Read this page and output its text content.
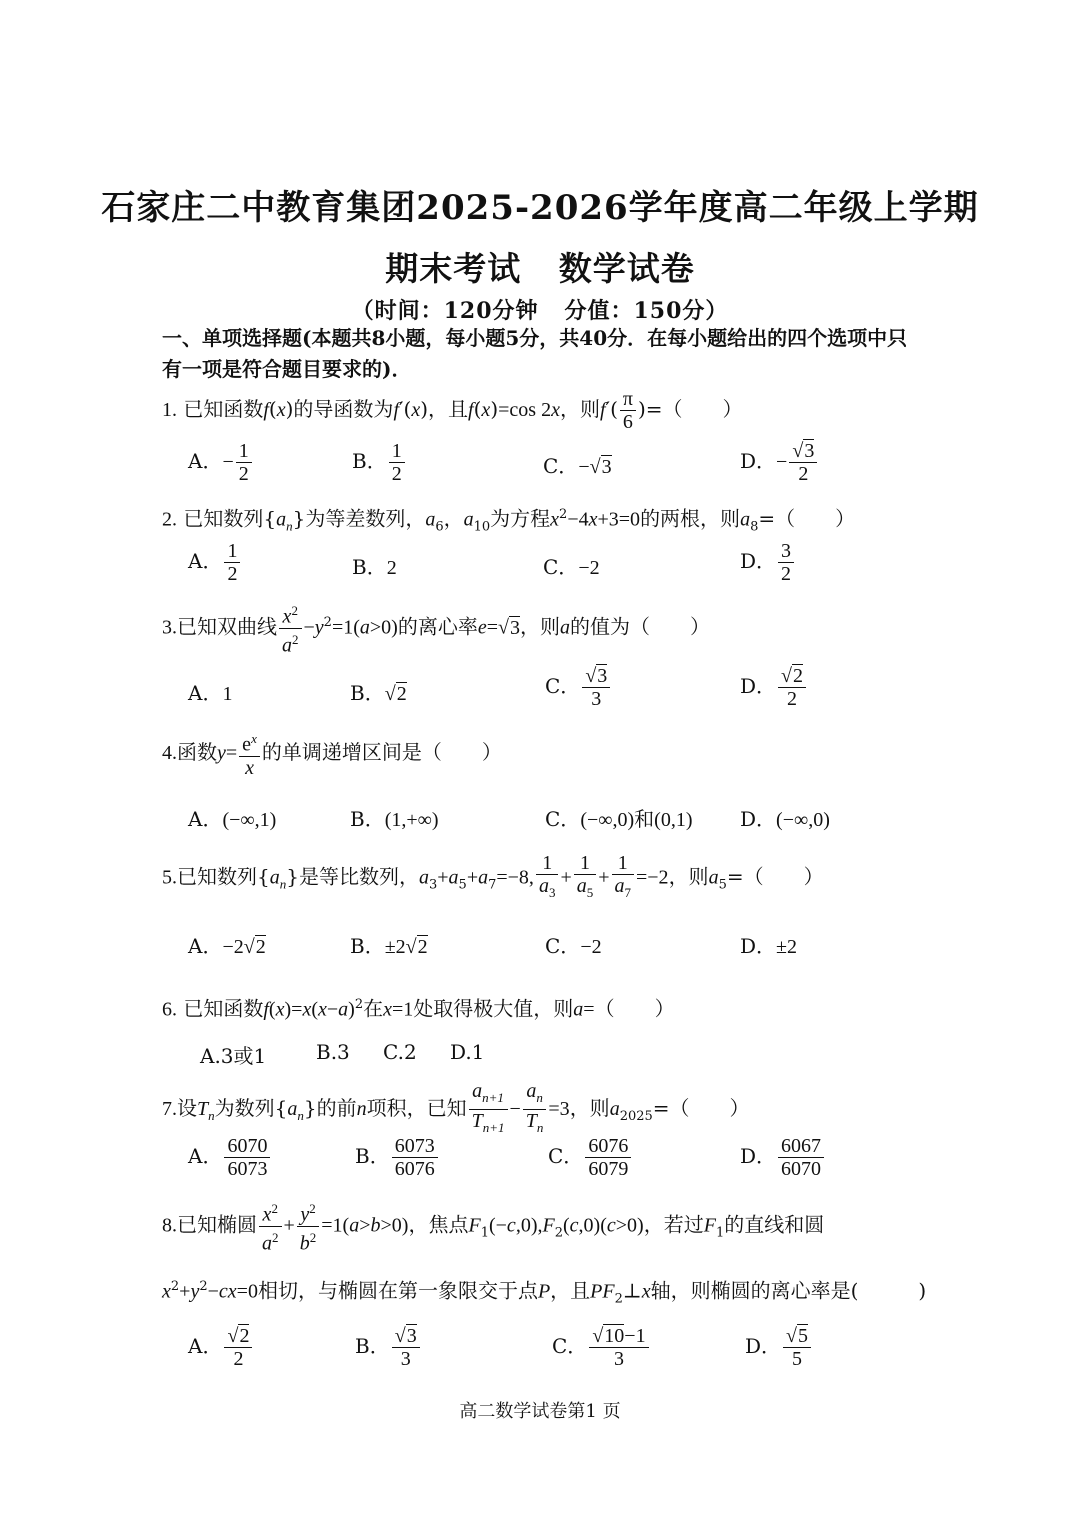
石家庄二中教育集团2025-2026学年度高二年级上学期
期末考试   数学试卷
（时间：120分钟   分值：150分）
一、单项选择题(本题共8小题，每小题5分，共40分．在每小题给出的四个选项中只有一项是符合题目要求的)．
1. 已知函数f(x)的导函数为f′(x)，且f(x)=cos 2x，则$f'( \frac{\pi}{6}$ )=（　　）
A．− $\frac{1}{2}$	B． $\frac{1}{2}$	C．−√3	D．− $\frac{√3}{2}$
2. 已知数列$\{a_n\}$为等差数列，$a_6$，$a_{10}$为方程$x^2-4x+3=0$的两根，则$a_8=$（　　）
A． $\frac{1}{2}$	B．2	C．−2	D． $\frac{3}{2}$
3.已知双曲线 $\frac{x^2}{a^2} -y^2=1(a>0)$的离心率e=√3，则a的值为（　　）
A．1	B．√2	C． $\frac{√3}{3}$	D． $\frac{√2}{2}$
4.函数$y= \frac{e^x}{x}$ 的单调递增区间是（　　）
A．(−∞,1)	B．(1,+∞)	C．(−∞,0)和(0,1) D．(−∞,0)
5.已知数列$\{a_n\}$是等比数列，$a_3+a_5+a_7=-8$, $\frac{1}{a_3} + \frac{1}{a_5} + \frac{1}{a_7} =-2$，则$a_5=$（　　）
A．−2√2	B．±2√2	C．−2	D．±2
6. 已知函数$f(x)=x(x-a)^2$在x=1处取得极大值，则a=（　　）
A.3或1 B.3 C.2 D.1
7.设$T_n$为数列$\{a_n\}$的前n项积，已知 $\frac{a_{n+1}}{T_{n+1}} - \frac{a_n}{T_n} =3$，则$a_{2025}=$（　　）
A． $\frac{6070}{6073}$	B． $\frac{6073}{6076}$	C． $\frac{6076}{6079}$	D． $\frac{6067}{6070}$
8.已知椭圆 $\frac{x^2}{a^2} + \frac{y^2}{b^2} =1(a>b>0)$，焦点$F_1(-c,0),F_2(c,0)(c>0)$，若过$F_1$的直线和圆
$x^2+y^2-cx=0$相切，与椭圆在第一象限交于点P，且$PF_2\perp x$轴，则椭圆的离心率是(　　　)
A． $\frac{√2}{2}$	B． $\frac{√3}{3}$	C． $\frac{√10-1}{3}$	D． $\frac{√5}{5}$
高二数学试卷第1 页
